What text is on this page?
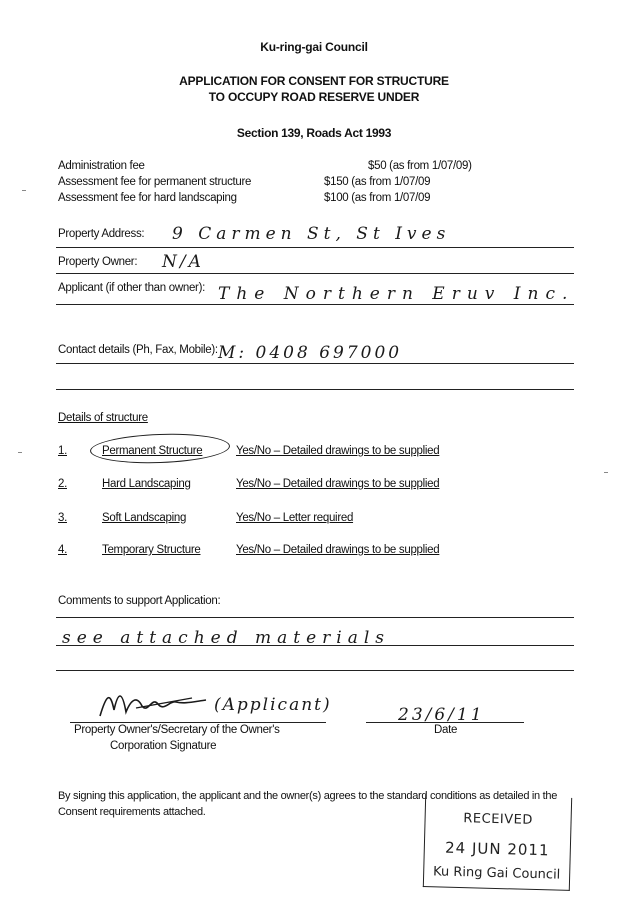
Ku-ring-gai Council
APPLICATION FOR CONSENT FOR STRUCTURE
TO OCCUPY ROAD RESERVE UNDER
Section 139, Roads Act 1993
Administration fee	$50 (as from 1/07/09)
Assessment fee for permanent structure	$150 (as from 1/07/09
Assessment fee for hard landscaping	$100 (as from 1/07/09
Property Address: 9 Carmen St, St Ives
Property Owner: N/A
Applicant (if other than owner): The Northern Eruv Inc.
Contact details (Ph, Fax, Mobile): M: 0408 697000
Details of structure
1.	Permanent Structure	Yes/No – Detailed drawings to be supplied
2.	Hard Landscaping	Yes/No – Detailed drawings to be supplied
3.	Soft Landscaping	Yes/No – Letter required
4.	Temporary Structure	Yes/No – Detailed drawings to be supplied
Comments to support Application:
see attached materials
(Applicant)	23/6/11
Property Owner's/Secretary of the Owner's
Corporation Signature
Date
By signing this application, the applicant and the owner(s) agrees to the standard conditions as detailed in the
Consent requirements attached.	RECEIVED
24 JUN 2011
Ku Ring Gai Council
